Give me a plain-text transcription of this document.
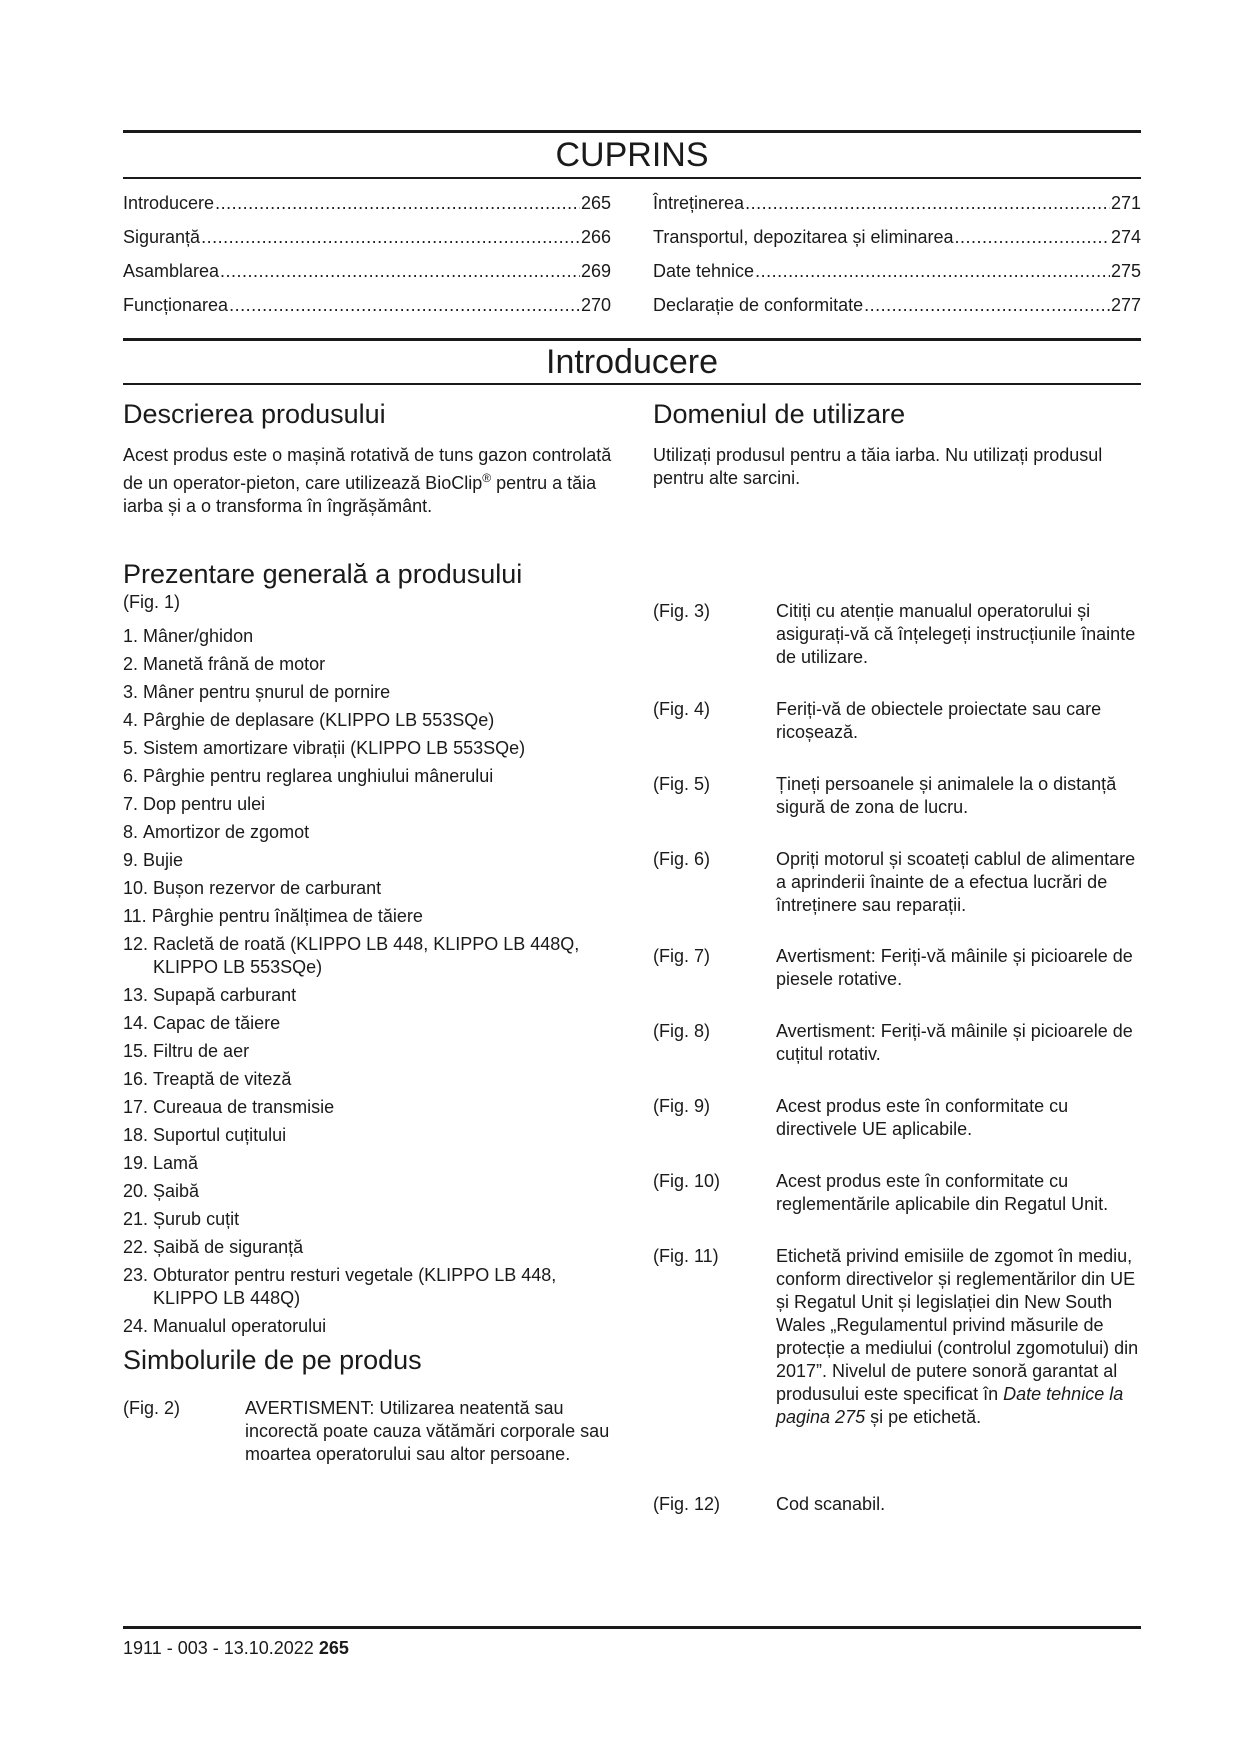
CUPRINS
Introducere .....	265
Siguranță .....	266
Asamblarea .....	269
Funcționarea .....	270
Întreținerea .....	271
Transportul, depozitarea și eliminarea .....	274
Date tehnice .....	275
Declarație de conformitate .....	277
Introducere
Descrierea produsului

Acest produs este o mașină rotativă de tuns gazon controlată de un operator-pieton, care utilizează BioClip® pentru a tăia iarba și a o transforma în îngrășământ.

Domeniul de utilizare

Utilizați produsul pentru a tăia iarba. Nu utilizați produsul pentru alte sarcini.

Prezentare generală a produsului

(Fig. 1)

1. Mâner/ghidon
2. Manetă frână de motor
3. Mâner pentru șnurul de pornire
4. Pârghie de deplasare (KLIPPO LB 553SQe)
5. Sistem amortizare vibrații (KLIPPO LB 553SQe)
6. Pârghie pentru reglarea unghiului mânerului
7. Dop pentru ulei
8. Amortizor de zgomot
9. Bujie
10. Bușon rezervor de carburant
11. Pârghie pentru înălțimea de tăiere
12. Racletă de roată (KLIPPO LB 448, KLIPPO LB 448Q, KLIPPO LB 553SQe)
13. Supapă carburant
14. Capac de tăiere
15. Filtru de aer
16. Treaptă de viteză
17. Cureaua de transmisie
18. Suportul cuțitului
19. Lamă
20. Șaibă
21. Șurub cuțit
22. Șaibă de siguranță
23. Obturator pentru resturi vegetale (KLIPPO LB 448, KLIPPO LB 448Q)
24. Manualul operatorului
Simbolurile de pe produs
(Fig. 2)	AVERTISMENT: Utilizarea neatentă sau incorectă poate cauza vătămări corporale sau moartea operatorului sau altor persoane.
(Fig. 3)	Citiți cu atenție manualul operatorului și asigurați-vă că înțelegeți instrucțiunile înainte de utilizare.
(Fig. 4)	Feriți-vă de obiectele proiectate sau care ricoșează.
(Fig. 5)	Țineți persoanele și animalele la o distanță sigură de zona de lucru.
(Fig. 6)	Opriți motorul și scoateți cablul de alimentare a aprinderii înainte de a efectua lucrări de întreținere sau reparații.
(Fig. 7)	Avertisment: Feriți-vă mâinile și picioarele de piesele rotative.
(Fig. 8)	Avertisment: Feriți-vă mâinile și picioarele de cuțitul rotativ.
(Fig. 9)	Acest produs este în conformitate cu directivele UE aplicabile.
(Fig. 10)	Acest produs este în conformitate cu reglementările aplicabile din Regatul Unit.
(Fig. 11)	Etichetă privind emisiile de zgomot în mediu, conform directivelor și reglementărilor din UE și Regatul Unit și legislației din New South Wales „Regulamentul privind măsurile de protecție a mediului (controlul zgomotului) din 2017”. Nivelul de putere sonoră garantat al produsului este specificat în Date tehnice la pagina 275 și pe etichetă.
(Fig. 12)	Cod scanabil.
1911 - 003 - 13.10.2022 265
